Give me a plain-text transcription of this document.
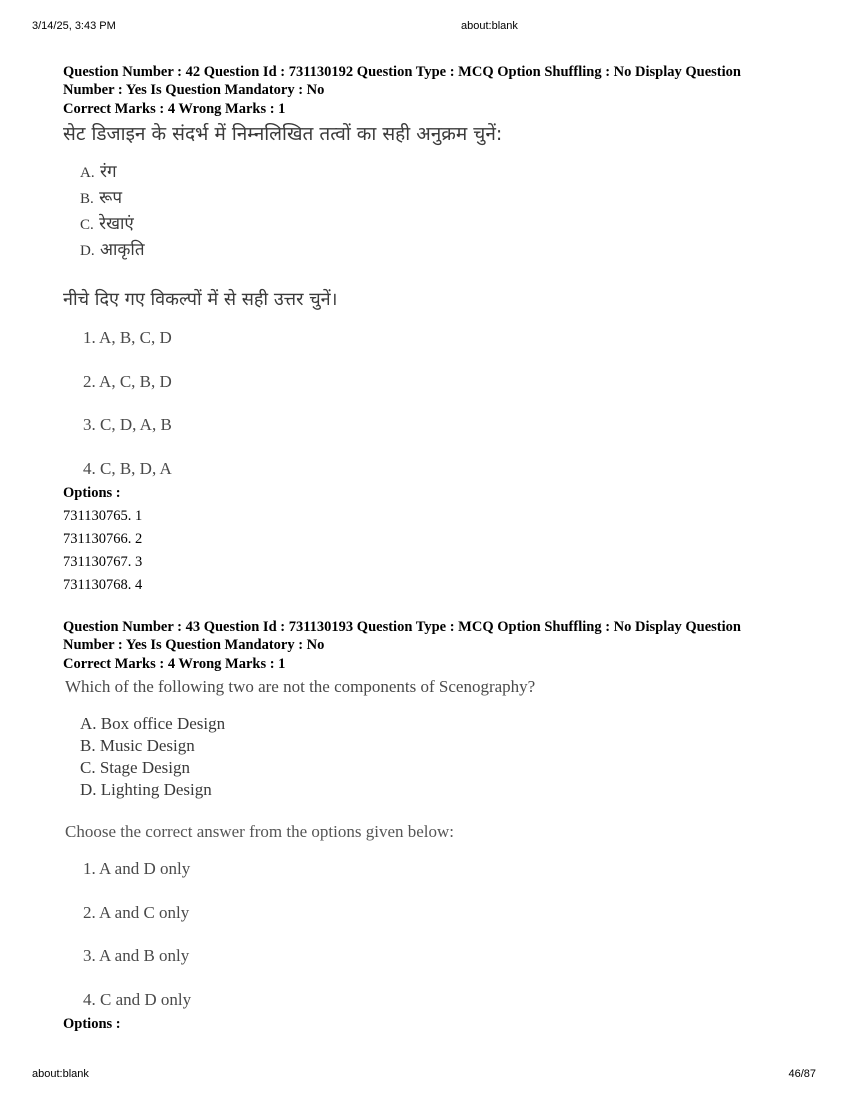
3/14/25, 3:43 PM	about:blank

Question Number : 42 Question Id : 731130192 Question Type : MCQ Option Shuffling : No Display Question
Number : Yes Is Question Mandatory : No

Correct Marks : 4 Wrong Marks : 1

सेट डिजाइन के संदर्भ में निम्नलिखित तत्वों का सही अनुक्रम चुनें:

A. रंग
B. रूप
C. रेखाएं
D. आकृति

नीचे दिए गए विकल्पों में से सही उत्तर चुनें।

1. A, B, C, D
2. A, C, B, D
3. C, D, A, B
4. C, B, D, A

Options :

731130765. 1
731130766. 2
731130767. 3
731130768. 4

Question Number : 43 Question Id : 731130193 Question Type : MCQ Option Shuffling : No Display Question
Number : Yes Is Question Mandatory : No

Correct Marks : 4 Wrong Marks : 1

Which of the following two are not the components of Scenography?

A. Box office Design
B. Music Design
C. Stage Design
D. Lighting Design

Choose the correct answer from the options given below:

1. A and D only
2. A and C only
3. A and B only
4. C and D only

Options :

about:blank	46/87
